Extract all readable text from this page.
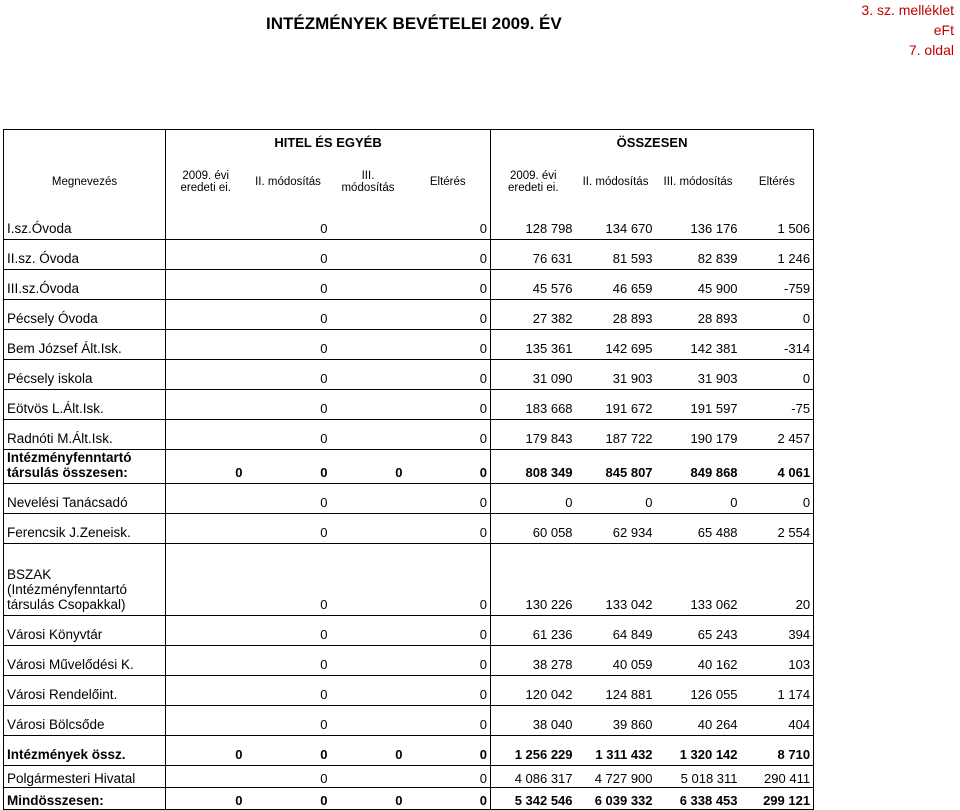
INTÉZMÉNYEK BEVÉTELEI 2009. ÉV
3. sz. melléklet
eFt
7. oldal
	HITEL ÉS EGYÉB				ÖSSZESEN			
Megnevezés	2009. évi eredeti ei.	II. módosítás	III. módosítás	Eltérés	2009. évi eredeti ei.	II. módosítás	III. módosítás	Eltérés
I.sz.Óvoda		0		0	128 798	134 670	136 176	1 506
II.sz. Óvoda		0		0	76 631	81 593	82 839	1 246
III.sz.Óvoda		0		0	45 576	46 659	45 900	-759
Pécsely Óvoda		0		0	27 382	28 893	28 893	0
Bem József Ált.Isk.		0		0	135 361	142 695	142 381	-314
Pécsely iskola		0		0	31 090	31 903	31 903	0
Eötvös L.Ált.Isk.		0		0	183 668	191 672	191 597	-75
Radnóti M.Ált.Isk.		0		0	179 843	187 722	190 179	2 457
Intézményfenntartó társulás összesen:	0	0	0	0	808 349	845 807	849 868	4 061
Nevelési Tanácsadó		0		0	0	0	0	0
Ferencsik J.Zeneisk.		0		0	60 058	62 934	65 488	2 554
BSZAK (Intézményfenntartó társulás Csopakkal)		0		0	130 226	133 042	133 062	20
Városi Könyvtár		0		0	61 236	64 849	65 243	394
Városi Művelődési K.		0		0	38 278	40 059	40 162	103
Városi Rendelőint.		0		0	120 042	124 881	126 055	1 174
Városi Bölcsőde		0		0	38 040	39 860	40 264	404
Intézmények össz.	0	0	0	0	1 256 229	1 311 432	1 320 142	8 710
Polgármesteri Hivatal		0		0	4 086 317	4 727 900	5 018 311	290 411
Mindösszesen:	0	0	0	0	5 342 546	6 039 332	6 338 453	299 121
